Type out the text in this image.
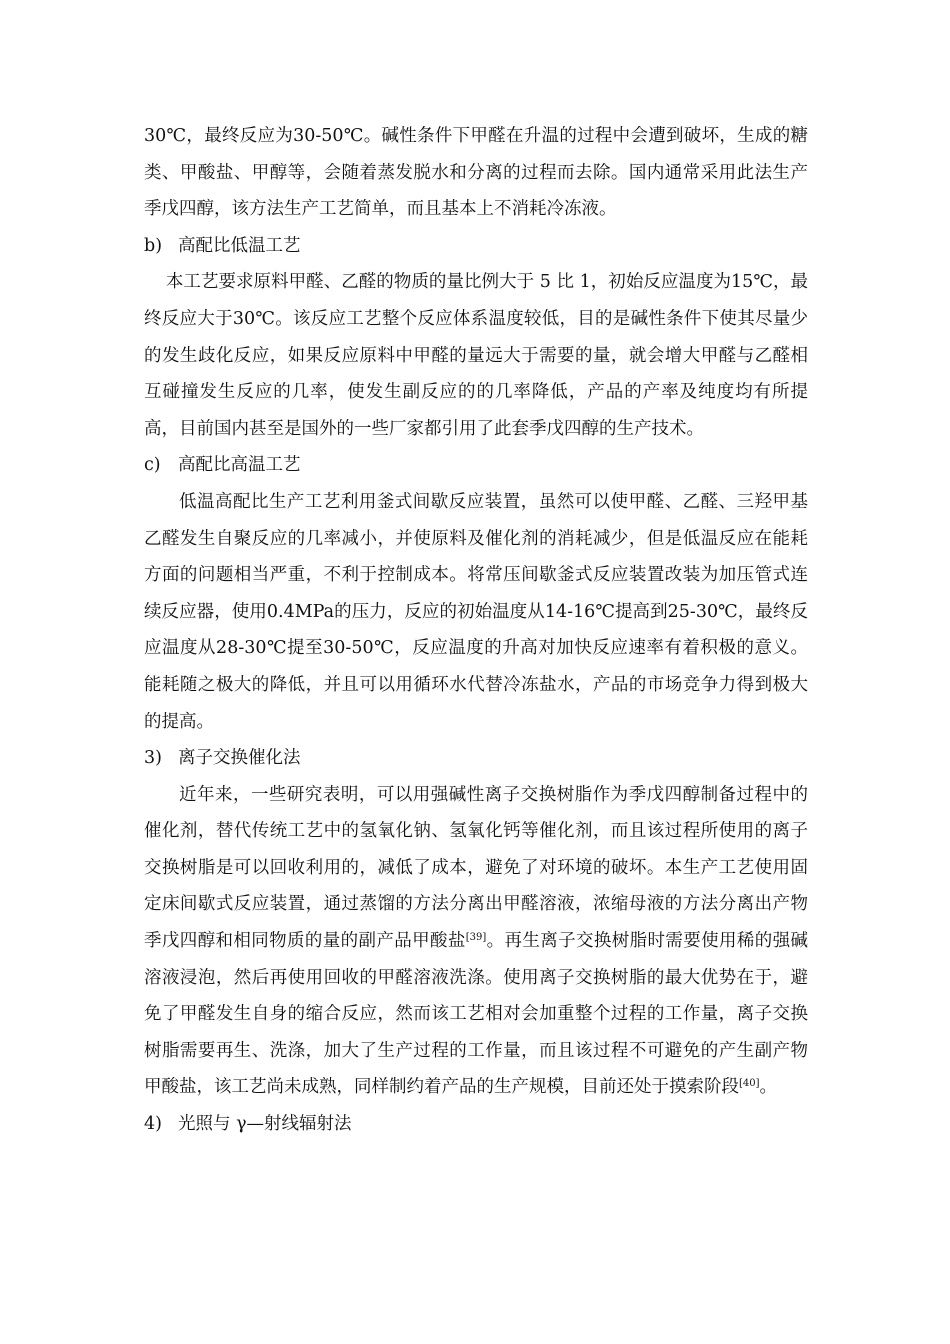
30℃，最终反应为30-50℃。碱性条件下甲醛在升温的过程中会遭到破坏，生成的糖类、甲酸盐、甲醇等，会随着蒸发脱水和分离的过程而去除。国内通常采用此法生产季戊四醇，该方法生产工艺简单，而且基本上不消耗冷冻液。

b) 高配比低温工艺

本工艺要求原料甲醛、乙醛的物质的量比例大于 5 比 1，初始反应温度为15℃，最终反应大于30℃。该反应工艺整个反应体系温度较低，目的是碱性条件下使其尽量少的发生歧化反应，如果反应原料中甲醛的量远大于需要的量，就会增大甲醛与乙醛相互碰撞发生反应的几率，使发生副反应的的几率降低，产品的产率及纯度均有所提高，目前国内甚至是国外的一些厂家都引用了此套季戊四醇的生产技术。

c) 高配比高温工艺

低温高配比生产工艺利用釜式间歇反应装置，虽然可以使甲醛、乙醛、三羟甲基乙醛发生自聚反应的几率减小，并使原料及催化剂的消耗减少，但是低温反应在能耗方面的问题相当严重，不利于控制成本。将常压间歇釜式反应装置改装为加压管式连续反应器，使用0.4MPa的压力，反应的初始温度从14-16℃提高到25-30℃，最终反应温度从28-30℃提至30-50℃，反应温度的升高对加快反应速率有着积极的意义。能耗随之极大的降低，并且可以用循环水代替冷冻盐水，产品的市场竞争力得到极大的提高。

3) 离子交换催化法

近年来，一些研究表明，可以用强碱性离子交换树脂作为季戊四醇制备过程中的催化剂，替代传统工艺中的氢氧化钠、氢氧化钙等催化剂，而且该过程所使用的离子交换树脂是可以回收利用的，减低了成本，避免了对环境的破坏。本生产工艺使用固定床间歇式反应装置，通过蒸馏的方法分离出甲醛溶液，浓缩母液的方法分离出产物季戊四醇和相同物质的量的副产品甲酸盐[39]。再生离子交换树脂时需要使用稀的强碱溶液浸泡，然后再使用回收的甲醛溶液洗涤。使用离子交换树脂的最大优势在于，避免了甲醛发生自身的缩合反应，然而该工艺相对会加重整个过程的工作量，离子交换树脂需要再生、洗涤，加大了生产过程的工作量，而且该过程不可避免的产生副产物甲酸盐，该工艺尚未成熟，同样制约着产品的生产规模，目前还处于摸索阶段[40]。

4) 光照与 γ—射线辐射法
